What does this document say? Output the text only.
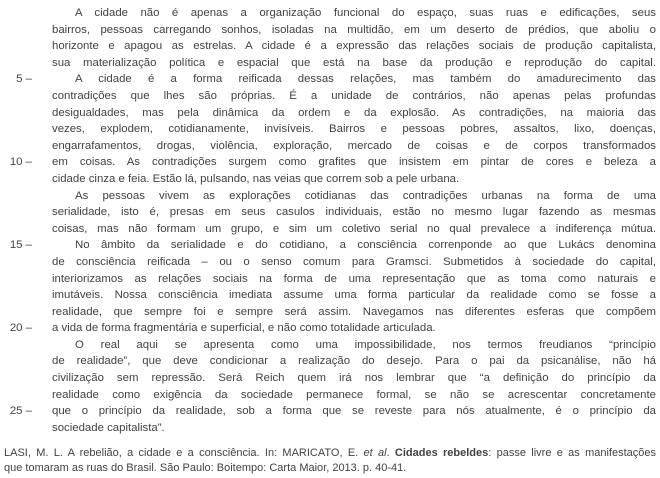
A cidade não é apenas a organização funcional do espaço, suas ruas e edificações, seus
bairros, pessoas carregando sonhos, isoladas na multidão, em um deserto de prédios, que aboliu o
horizonte e apagou as estrelas. A cidade é a expressão das relações sociais de produção capitalista,
sua materialização política e espacial que está na base da produção e reprodução do capital.
5 –	A cidade é a forma reificada dessas relações, mas também do amadurecimento das
contradições que lhes são próprias. É a unidade de contrários, não apenas pelas profundas
desigualdades, mas pela dinâmica da ordem e da explosão. As contradições, na maioria das
vezes, explodem, cotidianamente, invisíveis. Bairros e pessoas pobres, assaltos, lixo, doenças,
engarrafamentos, drogas, violência, exploração, mercado de coisas e de corpos transformados
10 –	em coisas. As contradições surgem como grafites que insistem em pintar de cores e beleza a
cidade cinza e feia. Estão lá, pulsando, nas veias que correm sob a pele urbana.
As pessoas vivem as explorações cotidianas das contradições urbanas na forma de uma
serialidade, isto é, presas em seus casulos individuais, estão no mesmo lugar fazendo as mesmas
coisas, mas não formam um grupo, e sim um coletivo serial no qual prevalece a indiferença mútua.
15 –	No âmbito da serialidade e do cotidiano, a consciência correnponde ao que Lukács denomina
de consciência reificada – ou o senso comum para Gramsci. Submetidos à sociedade do capital,
interiorizamos as relações sociais na forma de uma representação que as toma como naturais e
imutáveis. Nossa consciência imediata assume uma forma particular da realidade como se fosse a
realidade, que sempre foi e sempre será assim. Navegamos nas diferentes esferas que compõem
20 –	a vida de forma fragmentária e superficial, e não como totalidade articulada.
O real aqui se apresenta como uma impossibilidade, nos termos freudianos “princípio
de realidade”, que deve condicionar a realização do desejo. Para o pai da psicanálise, não há
civilização sem repressão. Será Reich quem irá nos lembrar que “a definição do princípio da
realidade como exigência da sociedade permanece formal, se não se acrescentar concretamente
25 –	que o princípio da realidade, sob a forma que se reveste para nós atualmente, é o princípio da
sociedade capitalista”.
LASI, M. L. A rebelião, a cidade e a consciência. In: MARICATO, E. et al. Cidades rebeldes: passe livre e as manifestações
que tomaram as ruas do Brasil. São Paulo: Boitempo: Carta Maior, 2013. p. 40-41.
